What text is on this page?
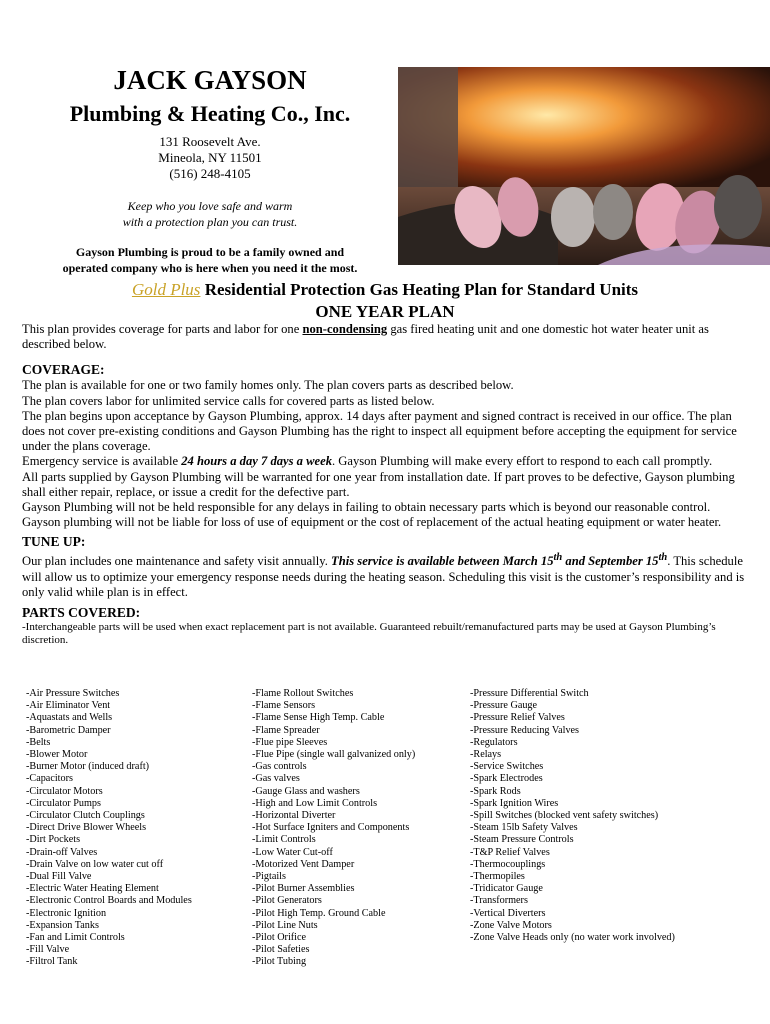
JACK GAYSON
Plumbing & Heating Co., Inc.
131 Roosevelt Ave.
Mineola, NY 11501
(516) 248-4105
Keep who you love safe and warm
with a protection plan you can trust.
Gayson Plumbing is proud to be a family owned and
operated company who is here when you need it the most.
Gold Plus Residential Protection Gas Heating Plan for Standard Units
ONE YEAR PLAN

This plan provides coverage for parts and labor for one non-condensing gas fired heating unit and one domestic hot water heater unit as described below.

COVERAGE:

The plan is available for one or two family homes only. The plan covers parts as described below.

The plan covers labor for unlimited service calls for covered parts as listed below.

The plan begins upon acceptance by Gayson Plumbing, approx. 14 days after payment and signed contract is received in our office. The plan does not cover pre-existing conditions and Gayson Plumbing has the right to inspect all equipment before accepting the equipment for service under the plans coverage.

Emergency service is available 24 hours a day 7 days a week. Gayson Plumbing will make every effort to respond to each call promptly.

All parts supplied by Gayson Plumbing will be warranted for one year from installation date. If part proves to be defective, Gayson plumbing shall either repair, replace, or issue a credit for the defective part.

Gayson Plumbing will not be held responsible for any delays in failing to obtain necessary parts which is beyond our reasonable control.

Gayson plumbing will not be liable for loss of use of equipment or the cost of replacement of the actual heating equipment or water heater.

TUNE UP:

Our plan includes one maintenance and safety visit annually. This service is available between March 15th and September 15th. This schedule will allow us to optimize your emergency response needs during the heating season. Scheduling this visit is the customer’s responsibility and is only valid while plan is in effect.

PARTS COVERED:

-Interchangeable parts will be used when exact replacement part is not available. Guaranteed rebuilt/remanufactured parts may be used at Gayson Plumbing’s discretion.

-Air Pressure Switches
-Air Eliminator Vent
-Aquastats and Wells
-Barometric Damper
-Belts
-Blower Motor
-Burner Motor (induced draft)
-Capacitors
-Circulator Motors
-Circulator Pumps
-Circulator Clutch Couplings
-Direct Drive Blower Wheels
-Dirt Pockets
-Drain-off Valves
-Drain Valve on low water cut off
-Dual Fill Valve
-Electric Water Heating Element
-Electronic Control Boards and Modules
-Electronic Ignition
-Expansion Tanks
-Fan and Limit Controls
-Fill Valve
-Filtrol Tank
-Flame Rollout Switches
-Flame Sensors
-Flame Sense High Temp. Cable
-Flame Spreader
-Flue pipe Sleeves
-Flue Pipe (single wall galvanized only)
-Gas controls
-Gas valves
-Gauge Glass and washers
-High and Low Limit Controls
-Horizontal Diverter
-Hot Surface Igniters and Components
-Limit Controls
-Low Water Cut-off
-Motorized Vent Damper
-Pigtails
-Pilot Burner Assemblies
-Pilot Generators
-Pilot High Temp. Ground Cable
-Pilot Line Nuts
-Pilot Orifice
-Pilot Safeties
-Pilot Tubing
-Pressure Differential Switch
-Pressure Gauge
-Pressure Relief Valves
-Pressure Reducing Valves
-Regulators
-Relays
-Service Switches
-Spark Electrodes
-Spark Rods
-Spark Ignition Wires
-Spill Switches (blocked vent safety switches)
-Steam 15lb Safety Valves
-Steam Pressure Controls
-T&P Relief Valves
-Thermocouplings
-Thermopiles
-Tridicator Gauge
-Transformers
-Vertical Diverters
-Zone Valve Motors
-Zone Valve Heads only (no water work involved)
